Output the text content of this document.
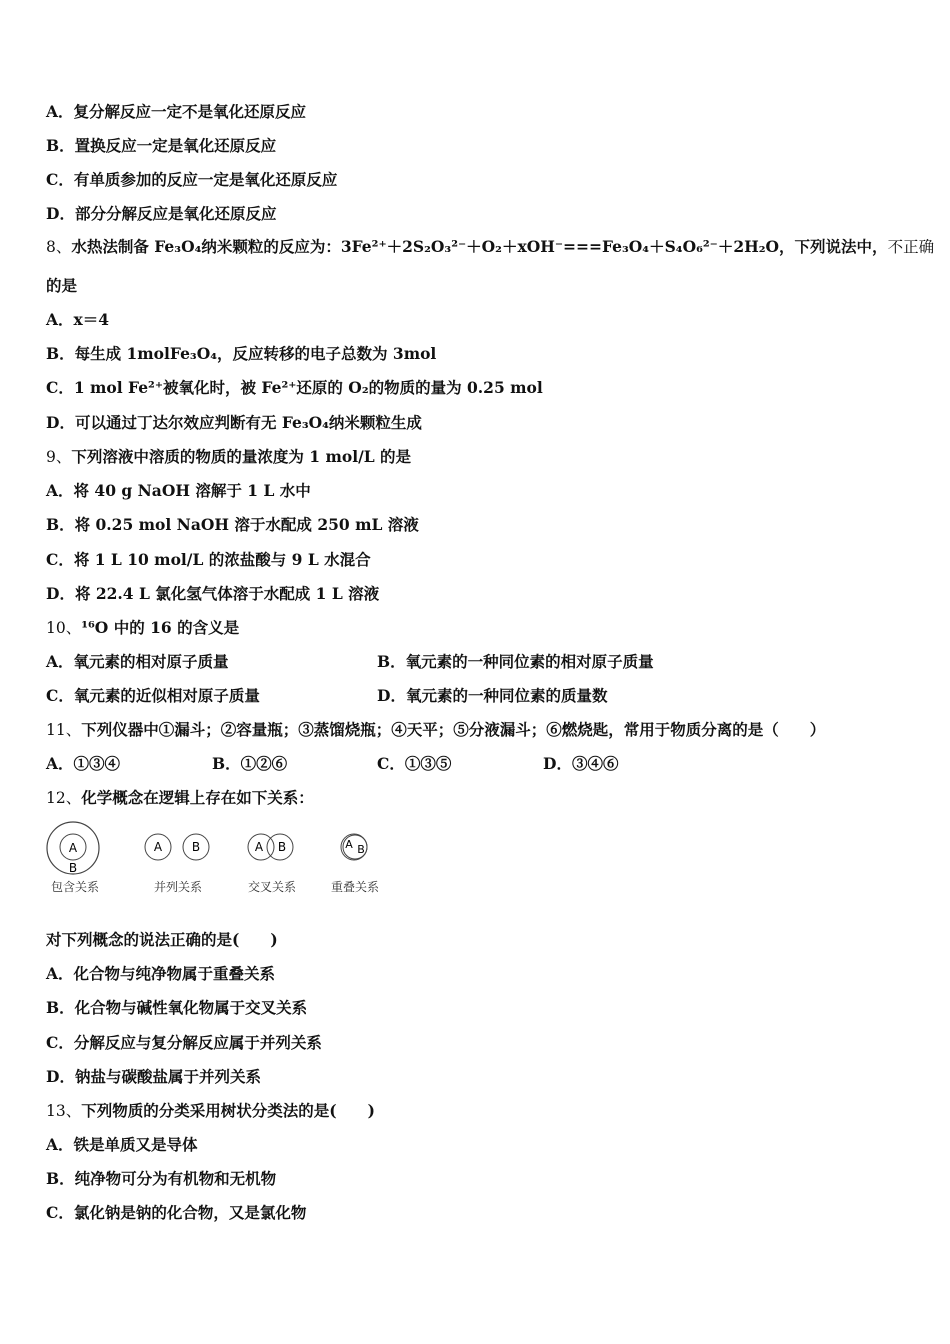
A．复分解反应一定不是氧化还原反应
B．置换反应一定是氧化还原反应
C．有单质参加的反应一定是氧化还原反应
D．部分分解反应是氧化还原反应
8、水热法制备 Fe₃O₄纳米颗粒的反应为：3Fe²⁺＋2S₂O₃²⁻＋O₂＋xOH⁻===Fe₃O₄＋S₄O₆²⁻＋2H₂O，下列说法中，不正确
的是
A．x＝4
B．每生成 1molFe₃O₄，反应转移的电子总数为 3mol
C．1 mol Fe²⁺被氧化时，被 Fe²⁺还原的 O₂的物质的量为 0.25 mol
D．可以通过丁达尔效应判断有无 Fe₃O₄纳米颗粒生成
9、下列溶液中溶质的物质的量浓度为 1 mol/L 的是
A．将 40 g NaOH 溶解于 1 L 水中
B．将 0.25 mol NaOH 溶于水配成 250 mL 溶液
C．将 1 L 10 mol/L 的浓盐酸与 9 L 水混合
D．将 22.4 L 氯化氢气体溶于水配成 1 L 溶液
10、¹⁶O 中的 16 的含义是
A．氧元素的相对原子质量	B．氧元素的一种同位素的相对原子质量
C．氧元素的近似相对原子质量	D．氧元素的一种同位素的质量数
11、下列仪器中①漏斗；②容量瓶；③蒸馏烧瓶；④天平；⑤分液漏斗；⑥燃烧匙，常用于物质分离的是（　　）
A．①③④	B．①②⑥	C．①③⑤	D．③④⑥
12、化学概念在逻辑上存在如下关系：
A
B
包含关系
A B
并列关系
A B
交叉关系
A B
重叠关系
对下列概念的说法正确的是(　　)
A．化合物与纯净物属于重叠关系
B．化合物与碱性氧化物属于交叉关系
C．分解反应与复分解反应属于并列关系
D．钠盐与碳酸盐属于并列关系
13、下列物质的分类采用树状分类法的是(　　)
A．铁是单质又是导体
B．纯净物可分为有机物和无机物
C．氯化钠是钠的化合物，又是氯化物
